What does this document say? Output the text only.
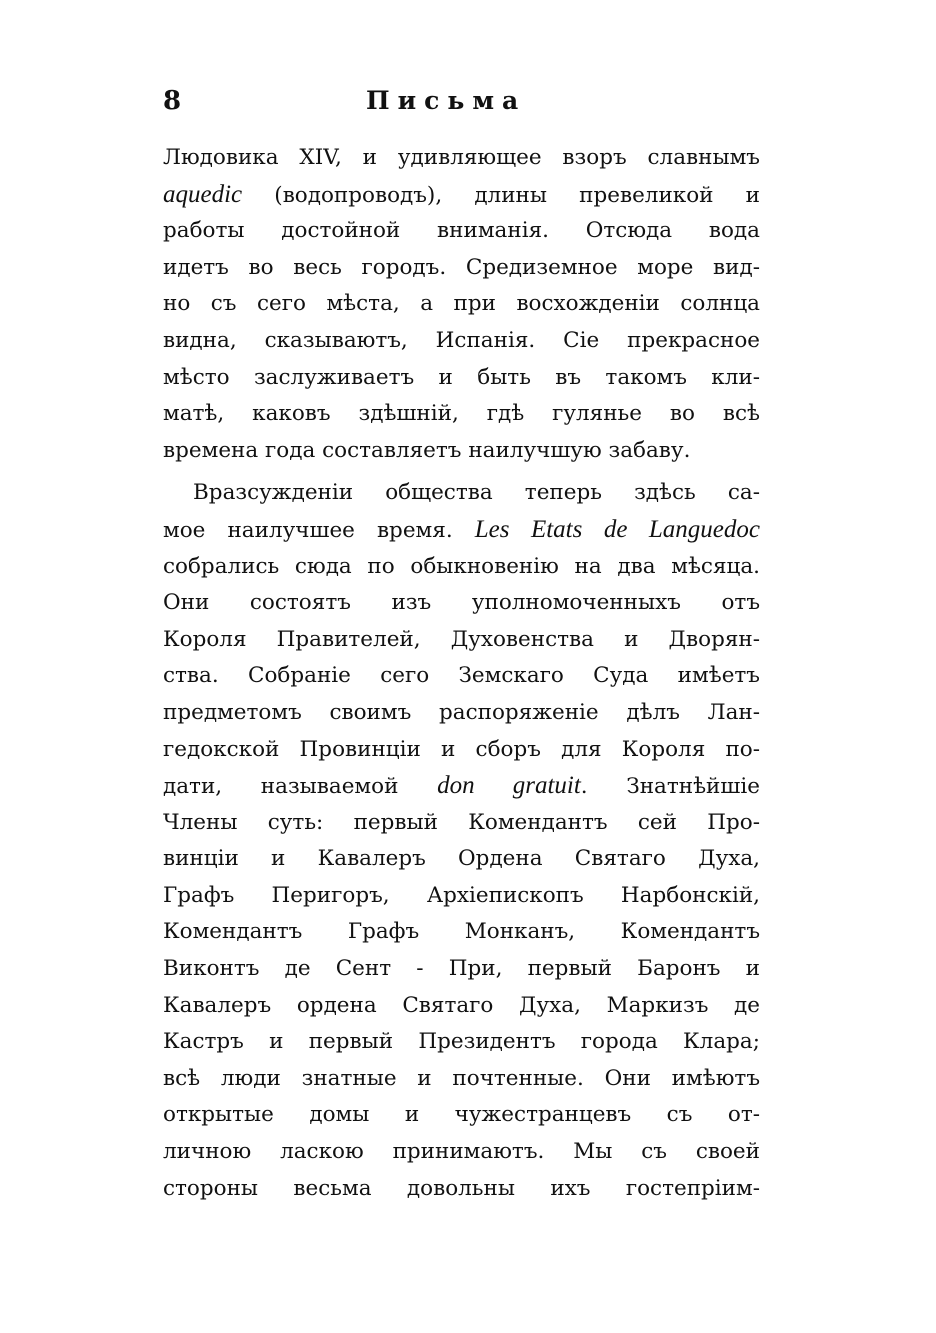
8	Письма
Людовика XIV, и удивляющее взоръ славнымъ
aquedic (водопроводъ), длины превеликой и
работы достойной вниманія. Отсюда вода
идетъ во весь городъ. Средиземное море вид-
но съ сего мѣста, а при восхожденіи солнца
видна, сказываютъ, Испанія. Сіе прекрасное
мѣсто заслуживаетъ и быть въ такомъ кли-
матѣ, каковъ здѣшній, гдѣ гулянье во всѣ
времена года составляетъ наилучшую забаву.
Вразсужденіи общества теперь здѣсь са-
мое наилучшее время. Les Etats de Languedoc
собрались сюда по обыкновенію на два мѣсяца.
Они состоятъ изъ уполномоченныхъ отъ
Короля Правителей, Духовенства и Дворян-
ства. Собраніе сего Земскаго Суда имѣетъ
предметомъ своимъ распоряженіе дѣлъ Лан-
гедокской Провинціи и сборъ для Короля по-
дати, называемой don gratuit. Знатнѣйшіе
Члены суть: первый Комендантъ сей Про-
винціи и Кавалеръ Ордена Святаго Духа,
Графъ Перигоръ, Архіепископъ Нарбонскій,
Комендантъ Графъ Монканъ, Комендантъ
Виконтъ де Сент - При, первый Баронъ и
Кавалеръ ордена Святаго Духа, Маркизъ де
Кастръ и первый Президентъ города Клара;
всѣ люди знатные и почтенные. Они имѣютъ
открытые домы и чужестранцевъ съ от-
личною ласкою принимаютъ. Мы съ своей
стороны весьма довольны ихъ гостепріим-
